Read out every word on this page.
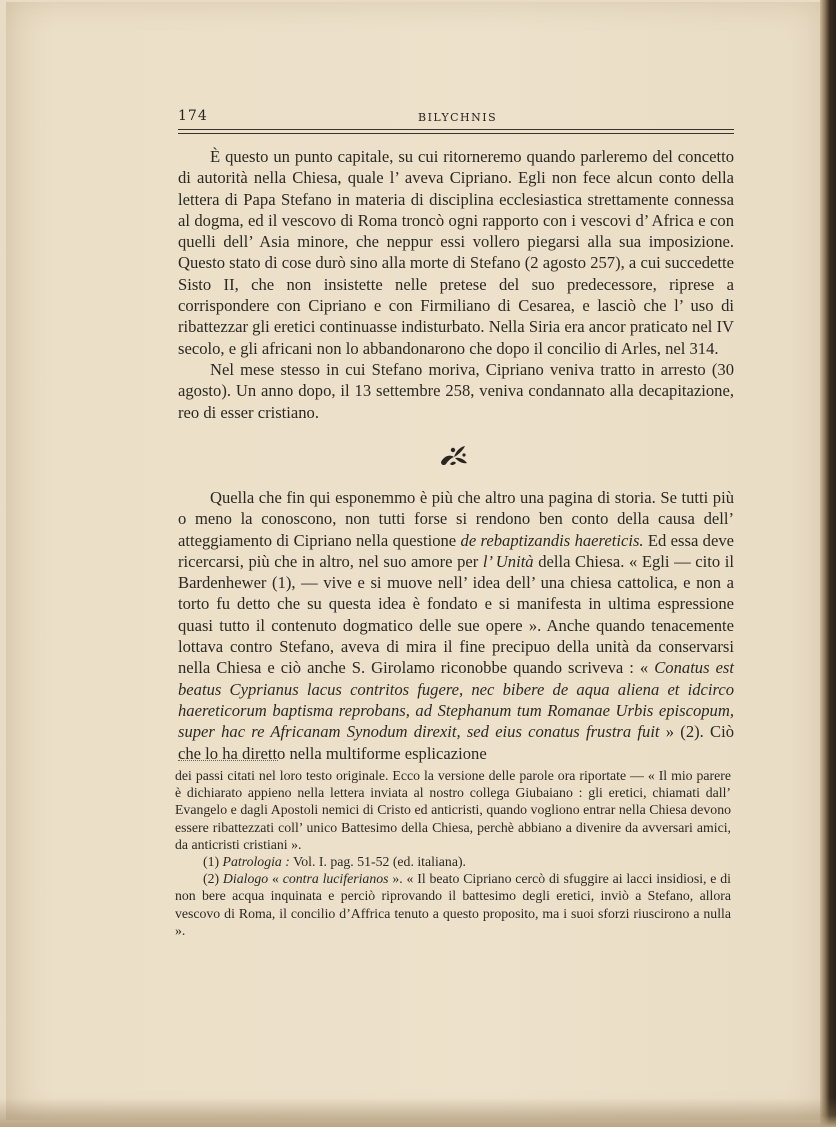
174	BILYCHNIS

È questo un punto capitale, su cui ritorneremo quando parleremo del concetto di autorità nella Chiesa, quale l’ aveva Cipriano. Egli non fece alcun conto della lettera di Papa Stefano in materia di disciplina ecclesiastica strettamente connessa al dogma, ed il vescovo di Roma troncò ogni rapporto con i vescovi d’ Africa e con quelli dell’ Asia minore, che neppur essi vollero piegarsi alla sua imposizione. Questo stato di cose durò sino alla morte di Stefano (2 agosto 257), a cui succedette Sisto II, che non insistette nelle pretese del suo predecessore, riprese a corrispondere con Cipriano e con Firmiliano di Cesarea, e lasciò che l’ uso di ribattezzar gli eretici continuasse indisturbato. Nella Siria era ancor praticato nel IV secolo, e gli africani non lo abbandonarono che dopo il concilio di Arles, nel 314.

Nel mese stesso in cui Stefano moriva, Cipriano veniva tratto in arresto (30 agosto). Un anno dopo, il 13 settembre 258, veniva condannato alla decapitazione, reo di esser cristiano.

Quella che fin qui esponemmo è più che altro una pagina di storia. Se tutti più o meno la conoscono, non tutti forse si rendono ben conto della causa dell’ atteggiamento di Cipriano nella questione de rebaptizandis haereticis. Ed essa deve ricercarsi, più che in altro, nel suo amore per l’ Unità della Chiesa. « Egli — cito il Bardenhewer (1), — vive e si muove nell’ idea dell’ una chiesa cattolica, e non a torto fu detto che su questa idea è fondato e si manifesta in ultima espressione quasi tutto il contenuto dogmatico delle sue opere ». Anche quando tenacemente lottava contro Stefano, aveva di mira il fine precipuo della unità da conservarsi nella Chiesa e ciò anche S. Girolamo riconobbe quando scriveva : « Conatus est beatus Cyprianus lacus contritos fugere, nec bibere de aqua aliena et idcirco haereticorum baptisma reprobans, ad Stephanum tum Romanae Urbis episcopum, super hac re Africanam Synodum direxit, sed eius conatus frustra fuit » (2). Ciò che lo ha diretto nella multiforme esplicazione

dei passi citati nel loro testo originale. Ecco la versione delle parole ora riportate — « Il mio parere è dichiarato appieno nella lettera inviata al nostro collega Giubaiano : gli eretici, chiamati dall’ Evangelo e dagli Apostoli nemici di Cristo ed anticristi, quando vogliono entrar nella Chiesa devono essere ribattezzati coll’ unico Battesimo della Chiesa, perchè abbiano a divenire da avversari amici, da anticristi cristiani ».

(1) Patrologia : Vol. I. pag. 51-52 (ed. italiana).

(2) Dialogo « contra luciferianos ». « Il beato Cipriano cercò di sfuggire ai lacci insidiosi, e di non bere acqua inquinata e perciò riprovando il battesimo degli eretici, inviò a Stefano, allora vescovo di Roma, il concilio d’Affrica tenuto a questo proposito, ma i suoi sforzi riuscirono a nulla ».
